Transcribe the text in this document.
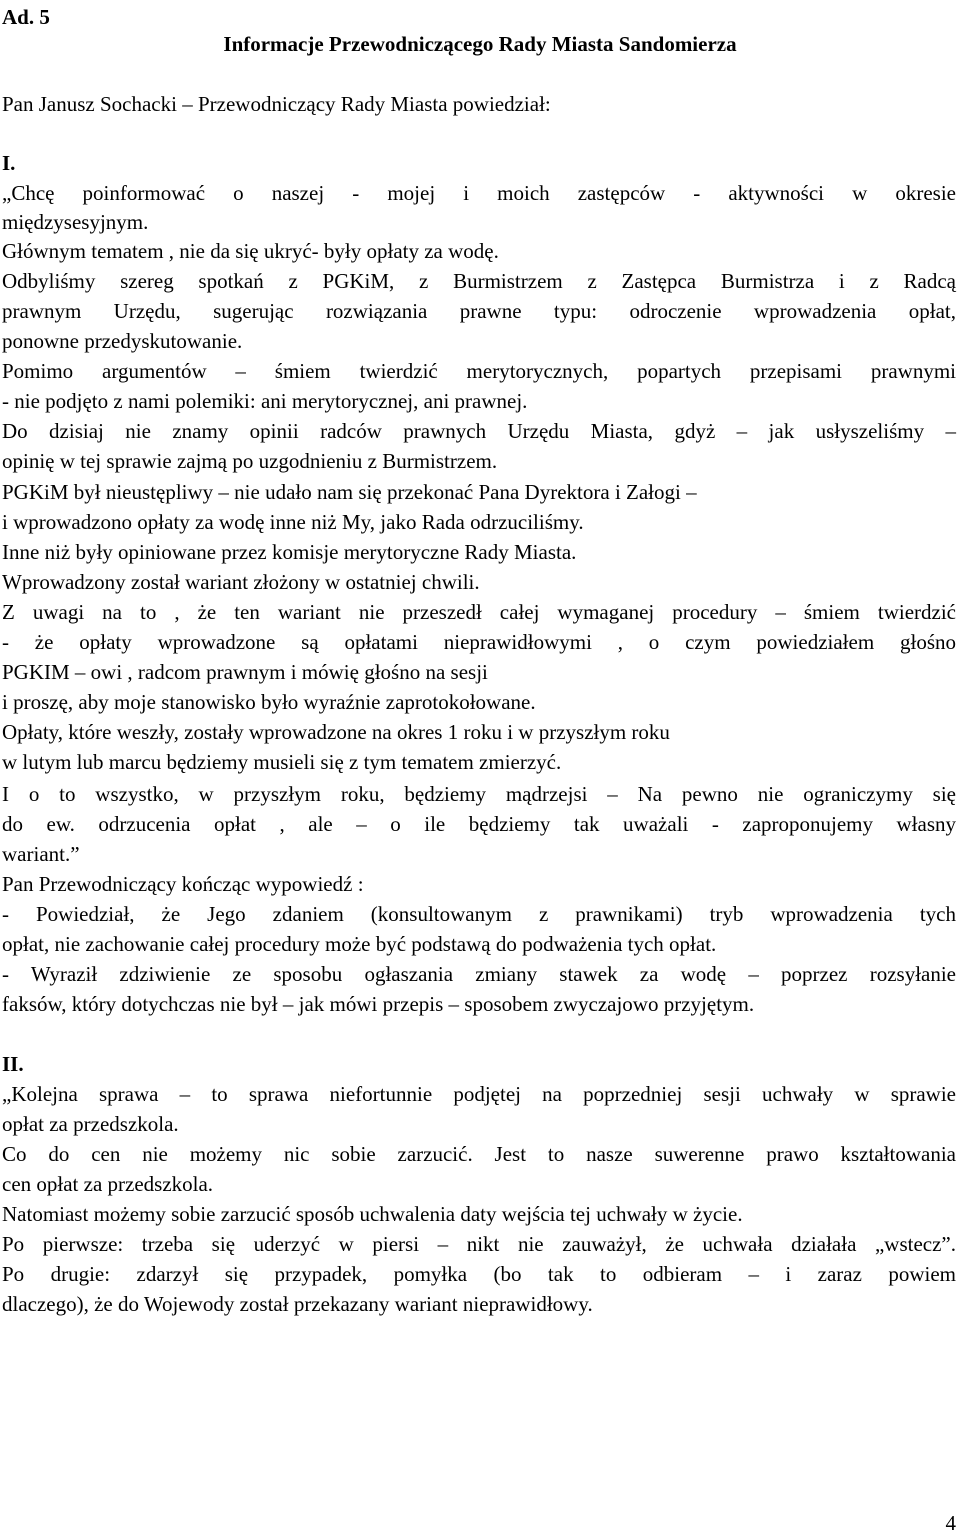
Ad. 5
Informacje Przewodniczącego Rady Miasta Sandomierza
Pan Janusz Sochacki – Przewodniczący Rady Miasta powiedział:
I.
„Chcę poinformować o naszej - mojej i moich zastępców - aktywności w okresie
międzysesyjnym.
Głównym tematem , nie da się ukryć- były opłaty za wodę.
Odbyliśmy szereg spotkań z PGKiM, z Burmistrzem z Zastępca Burmistrza i z Radcą
prawnym Urzędu, sugerując rozwiązania prawne typu: odroczenie wprowadzenia opłat,
ponowne przedyskutowanie.
Pomimo argumentów – śmiem twierdzić merytorycznych, popartych przepisami prawnymi
- nie podjęto z nami polemiki: ani merytorycznej, ani prawnej.
Do dzisiaj nie znamy opinii radców prawnych Urzędu Miasta, gdyż – jak usłyszeliśmy –
opinię w tej sprawie zajmą po uzgodnieniu z Burmistrzem.
PGKiM był nieustępliwy – nie udało nam się przekonać Pana Dyrektora i Załogi –
i wprowadzono opłaty za wodę inne niż My, jako Rada odrzuciliśmy.
Inne niż były opiniowane przez komisje merytoryczne Rady Miasta.
Wprowadzony został wariant złożony w ostatniej chwili.
Z uwagi na to , że ten wariant nie przeszedł całej wymaganej procedury – śmiem twierdzić
- że opłaty wprowadzone są opłatami nieprawidłowymi , o czym powiedziałem głośno
PGKIM – owi , radcom prawnym i mówię głośno na sesji
i proszę, aby moje stanowisko było wyraźnie zaprotokołowane.
Opłaty, które weszły, zostały wprowadzone na okres 1 roku i w przyszłym roku
w lutym lub marcu będziemy musieli się z tym tematem zmierzyć.
I o to wszystko, w przyszłym roku, będziemy mądrzejsi – Na pewno nie ograniczymy się
do ew. odrzucenia opłat , ale – o ile będziemy tak uważali - zaproponujemy własny
wariant.”
Pan Przewodniczący kończąc wypowiedź :
- Powiedział, że Jego zdaniem (konsultowanym z prawnikami) tryb wprowadzenia tych
opłat, nie zachowanie całej procedury może być podstawą do podważenia tych opłat.
- Wyraził zdziwienie ze sposobu ogłaszania zmiany stawek za wodę – poprzez rozsyłanie
faksów, który dotychczas nie był – jak mówi przepis – sposobem zwyczajowo przyjętym.
II.
„Kolejna sprawa – to sprawa niefortunnie podjętej na poprzedniej sesji uchwały w sprawie
opłat za przedszkola.
Co do cen nie możemy nic sobie zarzucić. Jest to nasze suwerenne prawo kształtowania
cen opłat za przedszkola.
Natomiast możemy sobie zarzucić sposób uchwalenia daty wejścia tej uchwały w życie.
Po pierwsze: trzeba się uderzyć w piersi – nikt nie zauważył, że uchwała działała „wstecz”.
Po drugie: zdarzył się przypadek, pomyłka (bo tak to odbieram – i zaraz powiem
dlaczego), że do Wojewody został przekazany wariant nieprawidłowy.
4
